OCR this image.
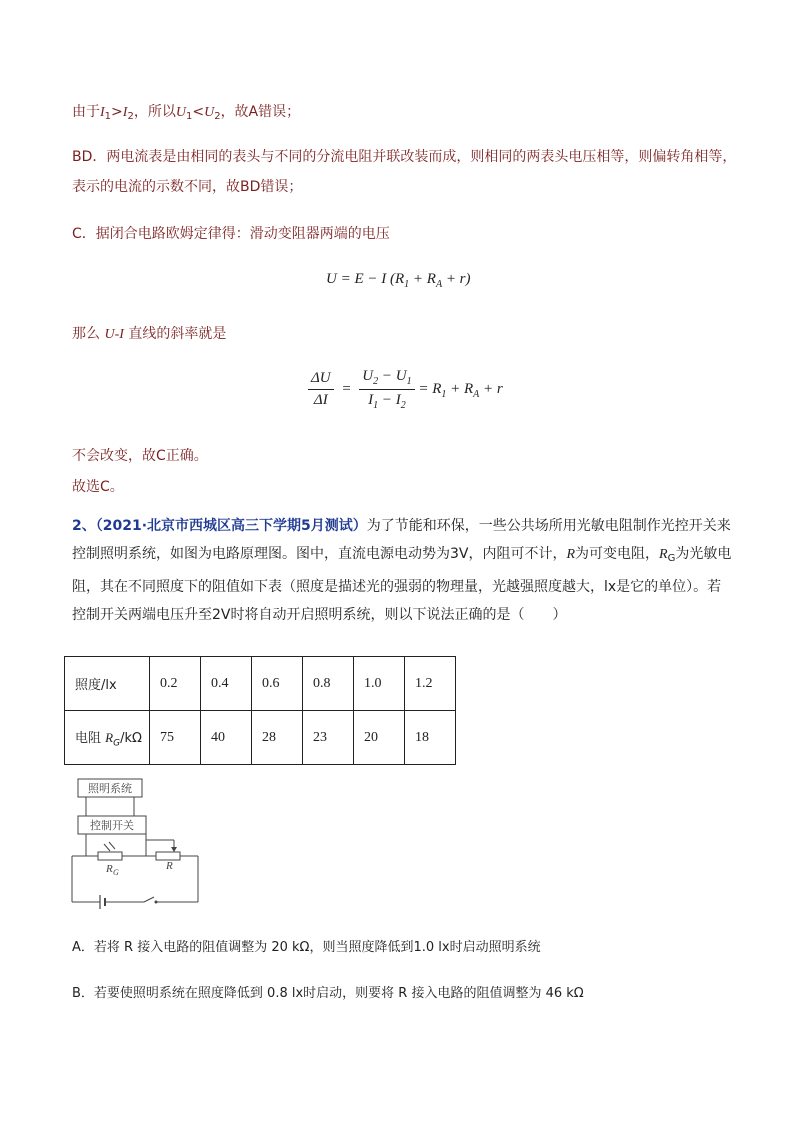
由于$I_1>I_2$，所以$U_1<U_2$，故A错误；
BD．两电流表是由相同的表头与不同的分流电阻并联改装而成，则相同的两表头电压相等，则偏转角相等，
表示的电流的示数不同，故BD错误；
C．据闭合电路欧姆定律得：滑动变阻器两端的电压
U = E − I $(R_1 + R_A + r)$
那么 U-I 直线的斜率就是
$\frac{\Delta U}{\Delta I} = \frac{U_2 - U_1}{I_1 - I_2} = R_1 + R_A + r$
不会改变，故C正确。
故选C。
2、（2021·北京市西城区高三下学期5月测试）为了节能和环保，一些公共场所用光敏电阻制作光控开关来控制照明系统，如图为电路原理图。图中，直流电源电动势为3V，内阻可不计，R为可变电阻，$R_G$为光敏电阻，其在不同照度下的阻值如下表（照度是描述光的强弱的物理量，光越强照度越大，lx是它的单位）。若控制开关两端电压升至2V时将自动开启照明系统，则以下说法正确的是（　　）
照度/lx	0.2	0.4	0.6	0.8	1.0	1.2
电阻 $R_G/k\Omega$	75	40	28	23	20	18
照明系统
控制开关
R G
R
A．若将 R 接入电路的阻值调整为 20 kΩ，则当照度降低到1.0 lx时启动照明系统
B．若要使照明系统在照度降低到 0.8 lx时启动，则要将 R 接入电路的阻值调整为 46 kΩ
